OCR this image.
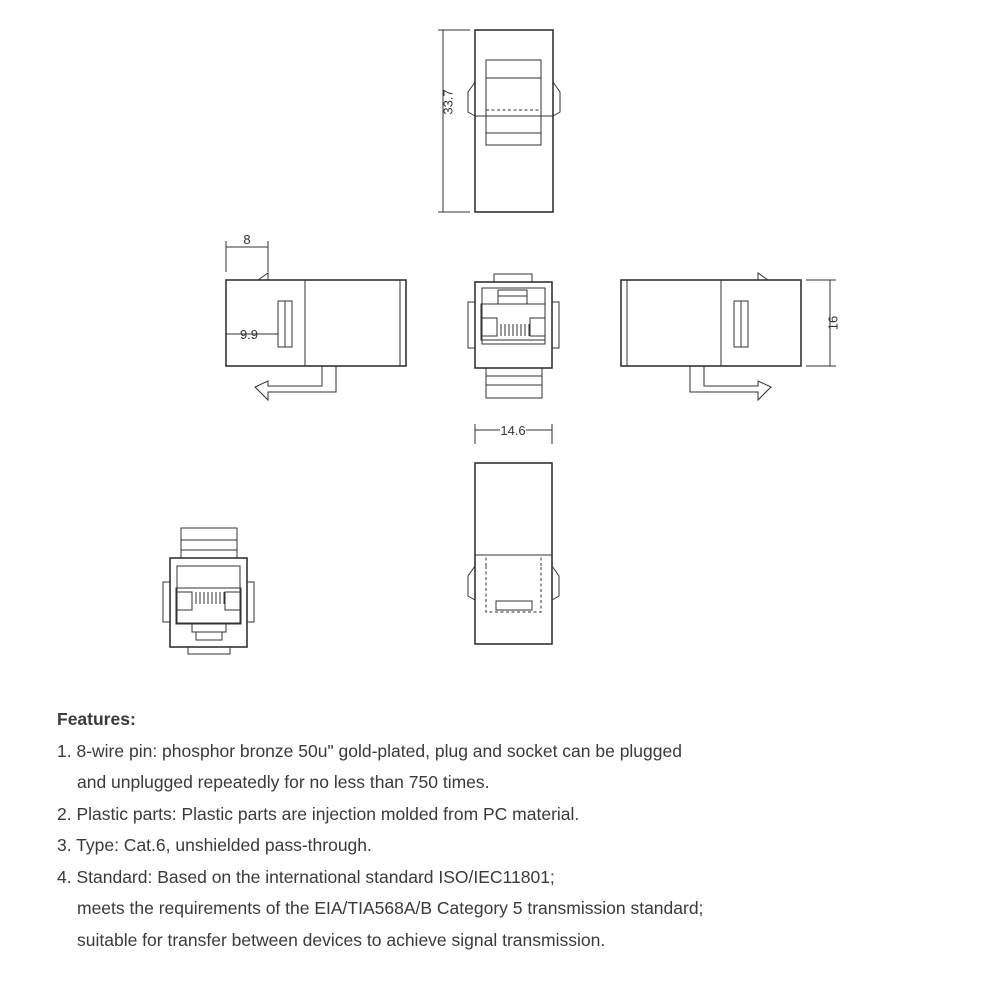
33.7
8
9.9
16
14.6
Features:
1. 8-wire pin: phosphor bronze 50u" gold-plated, plug and socket can be plugged
and unplugged repeatedly for no less than 750 times.
2. Plastic parts: Plastic parts are injection molded from PC material.
3. Type: Cat.6, unshielded pass-through.
4. Standard: Based on the international standard ISO/IEC11801;
meets the requirements of the EIA/TIA568A/B Category 5 transmission standard;
suitable for transfer between devices to achieve signal transmission.
